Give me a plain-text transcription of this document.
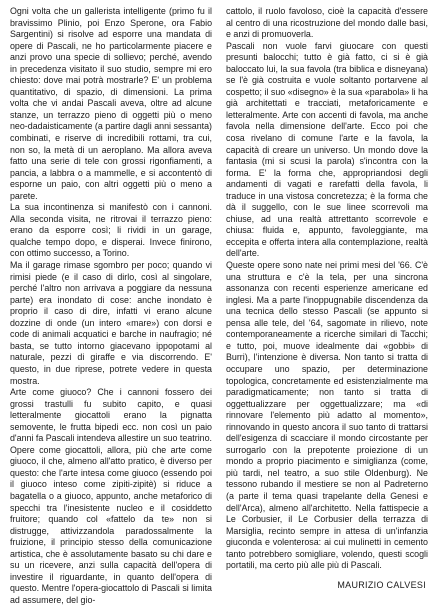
Ogni volta che un gallerista intelligente (primo fu il bravissimo Plinio, poi Enzo Sperone, ora Fabio Sargentini) si risolve ad esporre una mandata di opere di Pascali, ne ho particolarmente piacere e anzi provo una specie di sollievo; perché, avendo in precedenza visitato il suo studio, sempre mi ero chiesto: dove mai potrà mostrarle? E' un problema quantitativo, di spazio, di dimensioni. La prima volta che vi andai Pascali aveva, oltre ad alcune stanze, un terrazzo pieno di oggetti più o meno neo-dadaisticamente (a partire dagli anni sessanta) combinati, e riserve di incredibili rottami, tra cui, non so, la metà di un aeroplano. Ma allora aveva fatto una serie di tele con grossi rigonfiamenti, a pancia, a labbra o a mammelle, e si accontentò di esporne un paio, con altri oggetti più o meno a parete.

La sua incontinenza si manifestò con i cannoni. Alla seconda visita, ne ritrovai il terrazzo pieno: erano da esporre così; li rividi in un garage, qualche tempo dopo, e disperai. Invece finirono, con ottimo successo, a Torino.

Ma il garage rimase sgombro per poco; quando vi rimisi piede (e il caso di dirlo, così al singolare, perché l'altro non arrivava a poggiare da nessuna parte) era inondato di cose: anche inondato è proprio il caso di dire, infatti vi erano alcune dozzine di onde (un intero «mare») con dorsi e code di animali acquatici e barche in naufragio; né basta, se tutto intorno giacevano ippopotami al naturale, pezzi di giraffe e via discorrendo. E' questo, in due riprese, potrete vedere in questa mostra.

Arte come giuoco? Che i cannoni fossero dei grossi trastulli fu subito capito, e quasi letteralmente giocattoli erano la pignatta semovente, le frutta bipedi ecc. non così un paio d'anni fa Pascali intendeva allestire un suo teatrino.

Opere come giocattoli, allora, più che arte come giuoco, il che, almeno all'atto pratico, è diverso per questo: che l'arte intesa come giuoco (essendo poi il giuoco inteso come zipiti-zipitè) si riduce a bagatella o a giuoco, appunto, anche metaforico di specchi tra l'inesistente nucleo e il cosiddetto fruitore; quando col «fattelo da te» non si distrugge, attivizzandola paradossalmente la fruizione, il principio stesso della comunicazione artistica, che è assolutamente basato su chi dare e su un ricevere, anzi sulla capacità dell'opera di investire il riguardante, in quanto dell'opera di questo. Mentre l'opera-giocattolo di Pascali si limita ad assumere, del gio-

cattolo, il ruolo favoloso, cioè la capacità d'essere al centro di una ricostruzione del mondo dalle basi, e anzi di promuoverla.

Pascali non vuole farvi giuocare con questi presunti balocchi; tutto è già fatto, ci si è già baloccato lui, la sua favola (tra biblica e disneyana) se l'è già costruita e vuole soltanto portarvene al cospetto; il suo «disegno» è la sua «parabola» li ha già architettati e tracciati, metaforicamente e letteralmente. Arte con accenti di favola, ma anche favola nella dimensione dell'arte. Ecco poi che cosa rivelano di comune l'arte e la favola, la capacità di creare un universo. Un mondo dove la fantasia (mi si scusi la parola) s'incontra con la forma. E' la forma che, appropriandosi degli andamenti di vagati e rarefatti della favola, li traduce in una vistosa concretezza; è la forma che dà il suggello, con le sue linee scorrevoli ma chiuse, ad una realtà attrettanto scorrevole e chiusa: fluida e, appunto, favoleggiante, ma eccepita e offerta intera alla contemplazione, realtà dell'arte.

Queste opere sono nate nei primi mesi del '66. C'è una struttura e c'è la tela, per una sincrona assonanza con recenti esperienze americane ed inglesi. Ma a parte l'inoppugnabile discendenza da una tecnica dello stesso Pascali (se appunto si pensa alle tele, del '64, sagomate in rilievo, note contemporaneamente a ricerche similari di Tacchi; e tutto, poi, muove idealmente dai «gobbi» di Burri), l'intenzione è diversa. Non tanto si tratta di occupare uno spazio, per determinazione topologica, concretamente ed esistenzialmente ma paradigmaticamente; non tanto si tratta di oggettualizzare per oggettualizzare; ma «di rinnovare l'elemento più adatto al momento», rinnovando in questo ancora il suo tanto di trattarsi dell'esigenza di scacciare il mondo circostante per surrogarlo con la prepotente proiezione di un mondo a proprio piacimento e simiglianza (come, più tardi, nel teatro, a suo stile Oldenburg). Ne tessono rubando il mestiere se non al Padreterno (a parte il tema quasi trapelante della Genesi e dell'Arca), almeno all'architetto. Nella fattispecie a Le Corbusier, il Le Corbusier della terrazza di Marsiglia, recinto sempre in attesa di un'infanzia giuconda e volenterosa: ai cui mulinetti in cemento tanto potrebbero somigliare, volendo, questi scogli portatili, ma certo più alle più di Pascali.

MAURIZIO CALVESI
